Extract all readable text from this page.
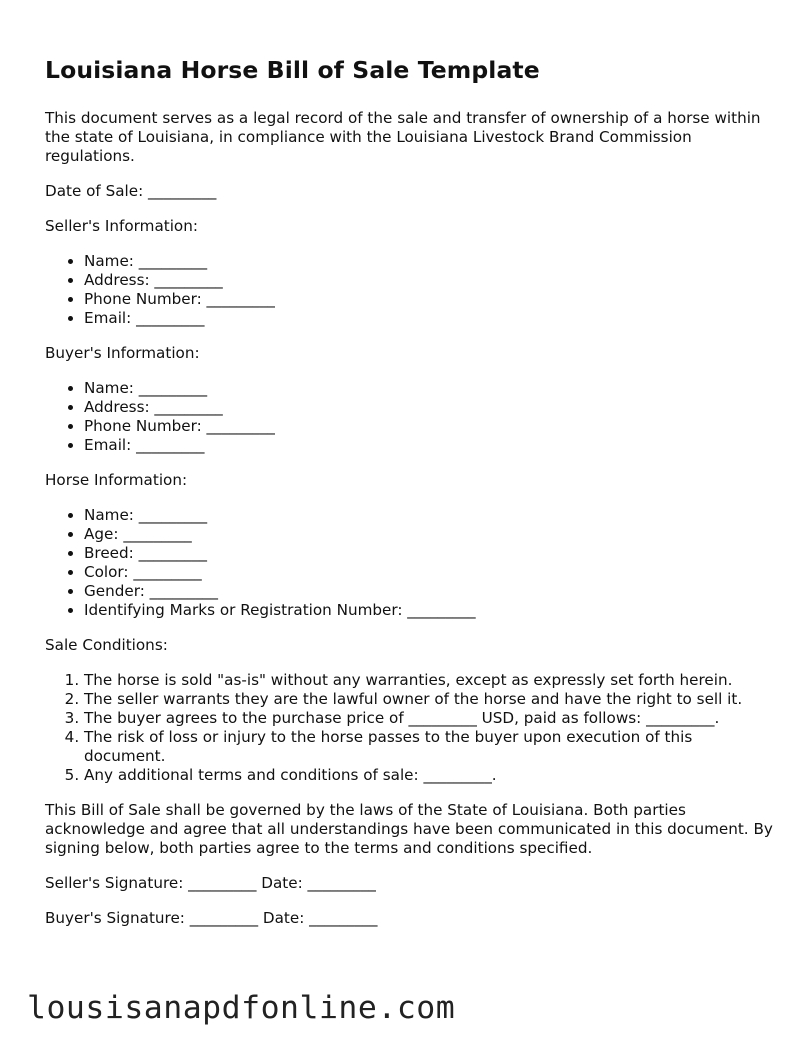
Louisiana Horse Bill of Sale Template

This document serves as a legal record of the sale and transfer of ownership of a horse within the state of Louisiana, in compliance with the Louisiana Livestock Brand Commission regulations.

Date of Sale: _________

Seller's Information:

• Name: _________
• Address: _________
• Phone Number: _________
• Email: _________

Buyer's Information:

• Name: _________
• Address: _________
• Phone Number: _________
• Email: _________

Horse Information:

• Name: _________
• Age: _________
• Breed: _________
• Color: _________
• Gender: _________
• Identifying Marks or Registration Number: _________

Sale Conditions:

1. The horse is sold "as-is" without any warranties, except as expressly set forth herein.
2. The seller warrants they are the lawful owner of the horse and have the right to sell it.
3. The buyer agrees to the purchase price of _________ USD, paid as follows: _________.
4. The risk of loss or injury to the horse passes to the buyer upon execution of this document.
5. Any additional terms and conditions of sale: _________.

This Bill of Sale shall be governed by the laws of the State of Louisiana. Both parties acknowledge and agree that all understandings have been communicated in this document. By signing below, both parties agree to the terms and conditions specified.

Seller's Signature: _________ Date: _________

Buyer's Signature: _________ Date: _________

lousisanapdfonline.com
